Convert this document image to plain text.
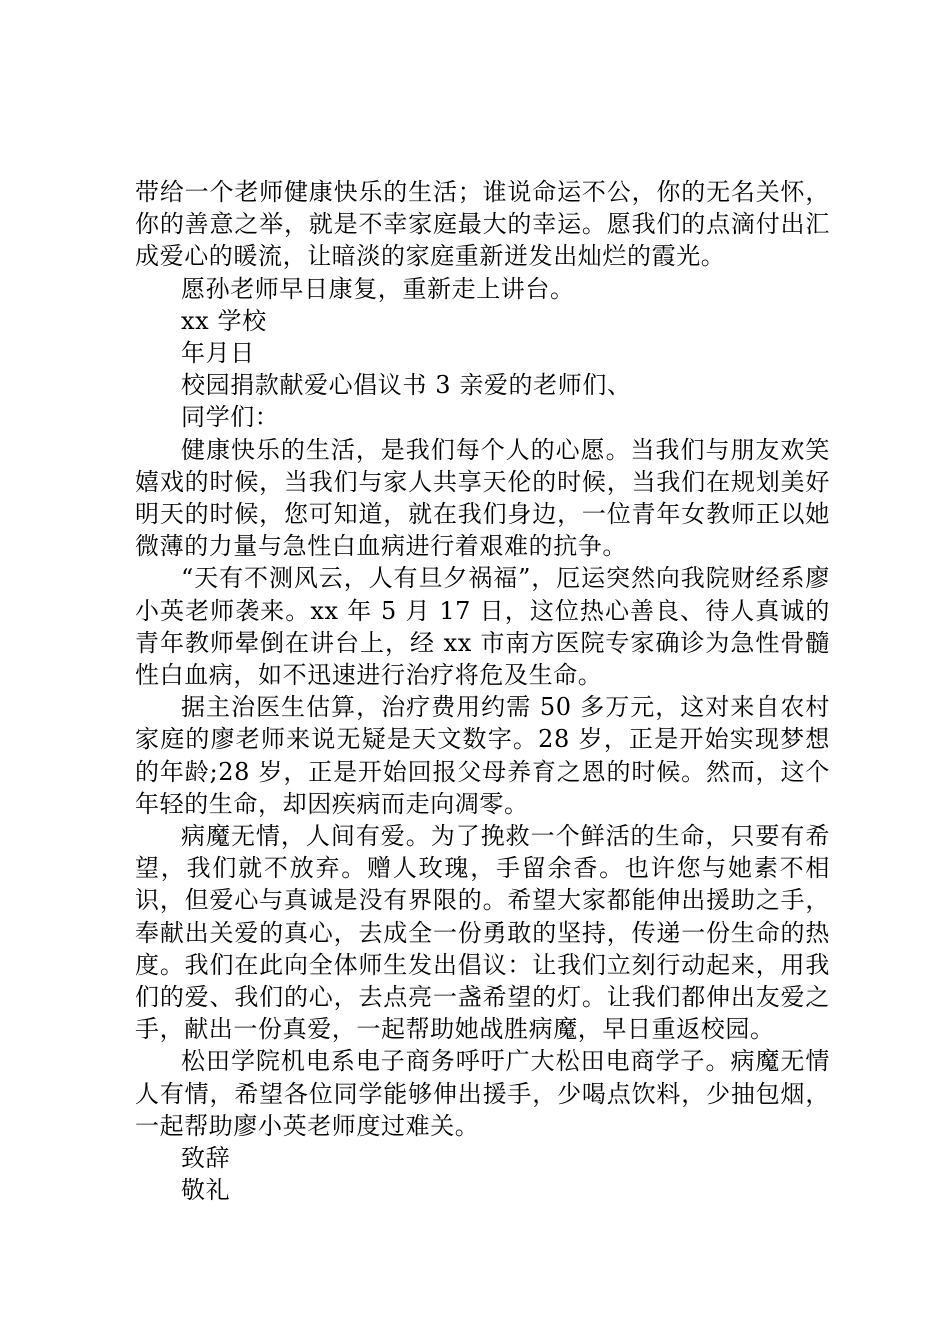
带给一个老师健康快乐的生活；谁说命运不公，你的无名关怀，你的善意之举，就是不幸家庭最大的幸运。愿我们的点滴付出汇成爱心的暖流，让暗淡的家庭重新迸发出灿烂的霞光。

愿孙老师早日康复，重新走上讲台。

xx 学校

年月日

校园捐款献爱心倡议书 3 亲爱的老师们、

同学们：

健康快乐的生活，是我们每个人的心愿。当我们与朋友欢笑嬉戏的时候，当我们与家人共享天伦的时候，当我们在规划美好明天的时候，您可知道，就在我们身边，一位青年女教师正以她微薄的力量与急性白血病进行着艰难的抗争。

“天有不测风云，人有旦夕祸福”，厄运突然向我院财经系廖小英老师袭来。xx 年 5 月 17 日，这位热心善良、待人真诚的青年教师晕倒在讲台上，经 xx 市南方医院专家确诊为急性骨髓性白血病，如不迅速进行治疗将危及生命。

据主治医生估算，治疗费用约需 50 多万元，这对来自农村家庭的廖老师来说无疑是天文数字。28 岁，正是开始实现梦想的年龄;28 岁，正是开始回报父母养育之恩的时候。然而，这个年轻的生命，却因疾病而走向凋零。

病魔无情，人间有爱。为了挽救一个鲜活的生命，只要有希望，我们就不放弃。赠人玫瑰，手留余香。也许您与她素不相识，但爱心与真诚是没有界限的。希望大家都能伸出援助之手，奉献出关爱的真心，去成全一份勇敢的坚持，传递一份生命的热度。我们在此向全体师生发出倡议：让我们立刻行动起来，用我们的爱、我们的心，去点亮一盏希望的灯。让我们都伸出友爱之手，献出一份真爱，一起帮助她战胜病魔，早日重返校园。

松田学院机电系电子商务呼吁广大松田电商学子。病魔无情人有情，希望各位同学能够伸出援手，少喝点饮料，少抽包烟，一起帮助廖小英老师度过难关。

致辞

敬礼
